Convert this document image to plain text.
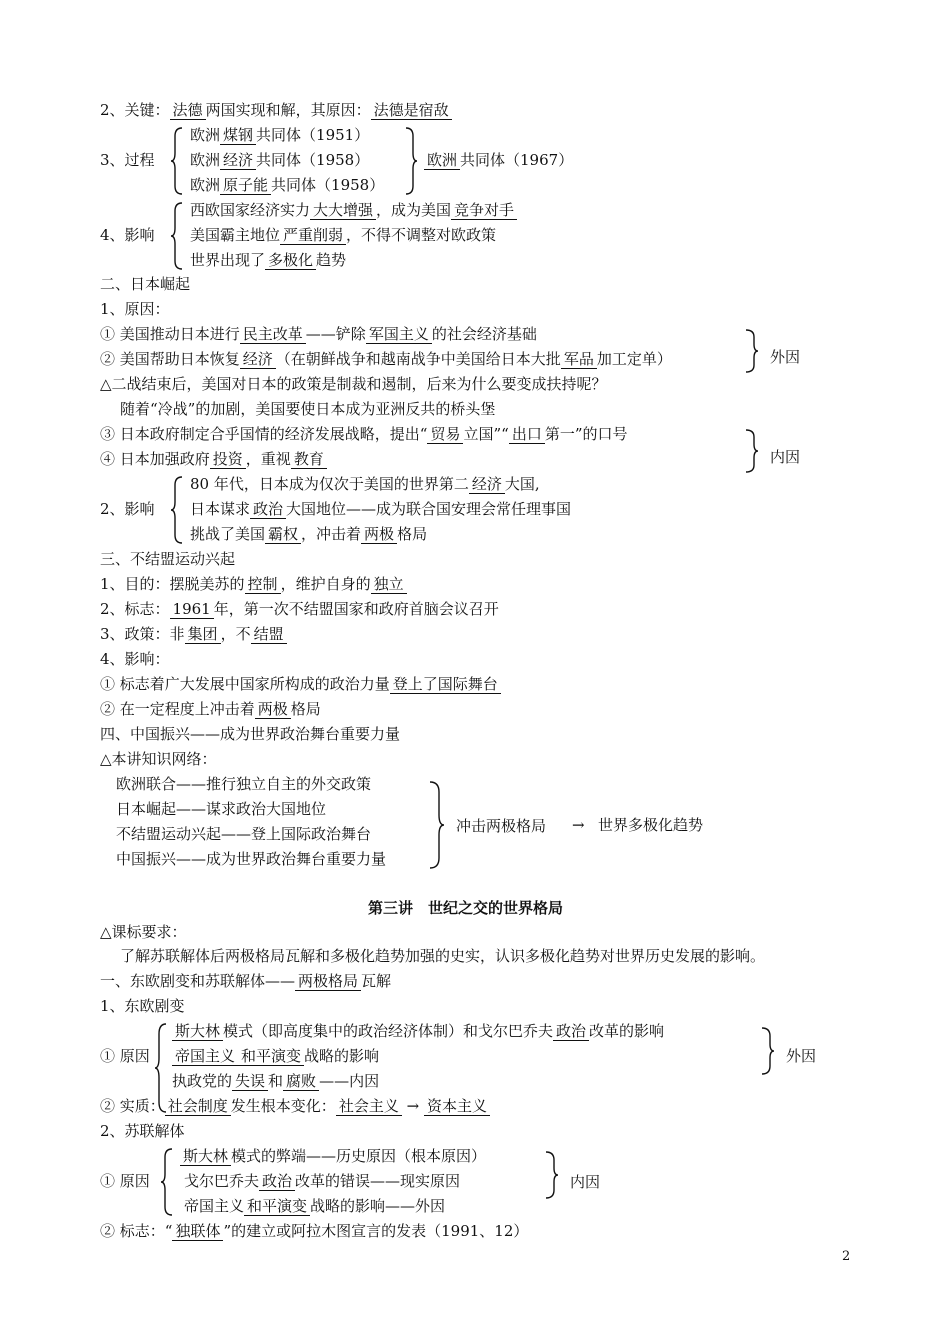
2、关键： 法德 两国实现和解，其原因： 法德是宿敌
3、过程
欧洲 煤钢 共同体（1951）
欧洲 经济 共同体（1958）
欧洲 原子能 共同体（1958）
欧洲 共同体（1967）
4、影响
西欧国家经济实力 大大增强 ，成为美国 竞争对手
美国霸主地位 严重削弱 ，不得不调整对欧政策
世界出现了 多极化 趋势
二、日本崛起
1、原因：
① 美国推动日本进行 民主改革 ——铲除 军国主义 的社会经济基础
② 美国帮助日本恢复 经济 （在朝鲜战争和越南战争中美国给日本大批 军品 加工定单）	外因
△二战结束后，美国对日本的政策是制裁和遏制，后来为什么要变成扶持呢？
随着“冷战”的加剧，美国要使日本成为亚洲反共的桥头堡
③ 日本政府制定合乎国情的经济发展战略，提出“ 贸易 立国”“ 出口 第一”的口号
④ 日本加强政府 投资 ，重视 教育	内因
2、影响
80 年代，日本成为仅次于美国的世界第二 经济 大国,
日本谋求 政治 大国地位——成为联合国安理会常任理事国
挑战了美国 霸权 ，冲击着 两极 格局
三、不结盟运动兴起
1、目的：摆脱美苏的 控制 ，维护自身的 独立
2、标志： 1961 年，第一次不结盟国家和政府首脑会议召开
3、政策：非 集团 ，不 结盟
4、影响：
① 标志着广大发展中国家所构成的政治力量 登上了国际舞台
② 在一定程度上冲击着 两极 格局
四、中国振兴——成为世界政治舞台重要力量
△本讲知识网络：
欧洲联合——推行独立自主的外交政策
日本崛起——谋求政治大国地位
不结盟运动兴起——登上国际政治舞台
中国振兴——成为世界政治舞台重要力量
冲击两极格局 → 世界多极化趋势
第三讲　世纪之交的世界格局
△课标要求：
了解苏联解体后两极格局瓦解和多极化趋势加强的史实，认识多极化趋势对世界历史发展的影响。
一、东欧剧变和苏联解体—— 两极格局 瓦解
1、东欧剧变
① 原因
斯大林 模式（即高度集中的政治经济体制）和戈尔巴乔夫 政治 改革的影响
帝国主义 和平演变 战略的影响
执政党的 失误 和 腐败 ——内因
外因
② 实质： 社会制度 发生根本变化： 社会主义 → 资本主义
2、苏联解体
① 原因
斯大林 模式的弊端——历史原因（根本原因）
戈尔巴乔夫 政治 改革的错误——现实原因
帝国主义 和平演变 战略的影响——外因
内因
② 标志：“ 独联体 ”的建立或阿拉木图宣言的发表（1991、12）
2
